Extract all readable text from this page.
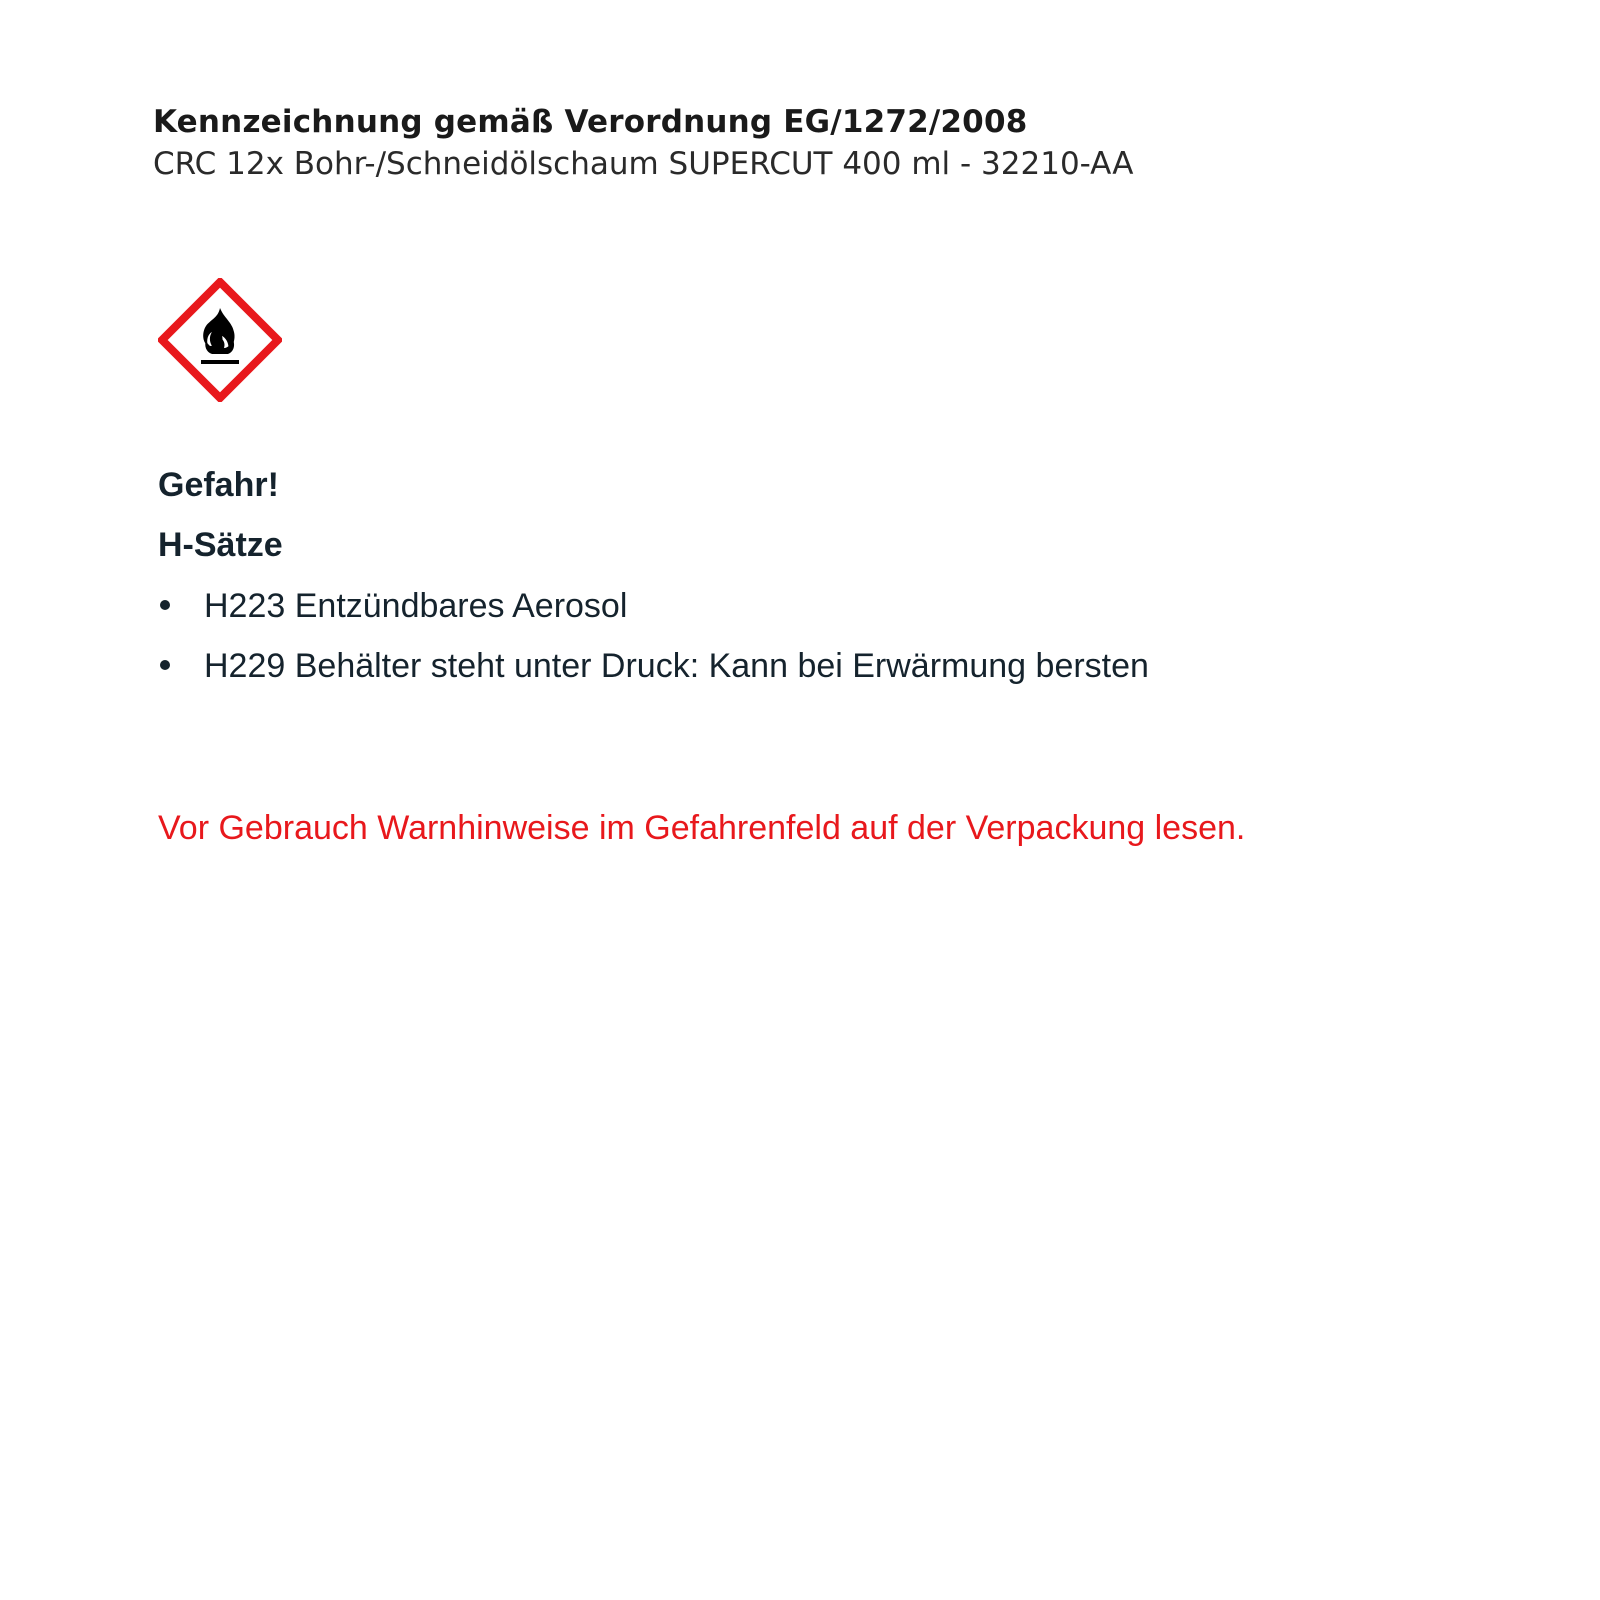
Kennzeichnung gemäß Verordnung EG/1272/2008
CRC 12x Bohr-/Schneidölschaum SUPERCUT 400 ml - 32210-AA
Gefahr!
H-Sätze
H223 Entzündbares Aerosol
H229 Behälter steht unter Druck: Kann bei Erwärmung bersten
Vor Gebrauch Warnhinweise im Gefahrenfeld auf der Verpackung lesen.
